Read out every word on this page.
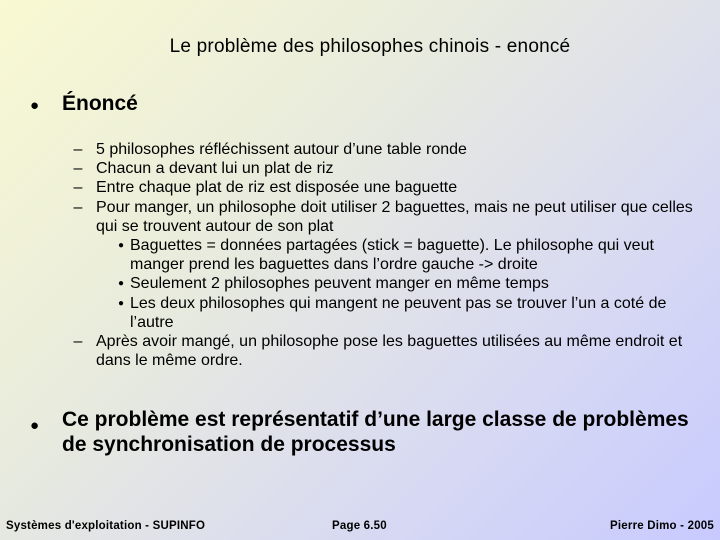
Le problème des philosophes chinois - enoncé
● Énoncé
– 5 philosophes réfléchissent autour d’une table ronde
– Chacun a devant lui un plat de riz
– Entre chaque plat de riz est disposée une baguette
– Pour manger, un philosophe doit utiliser 2 baguettes, mais ne peut utiliser que celles qui se trouvent autour de son plat
● Baguettes = données partagées (stick = baguette). Le philosophe qui veut manger prend les baguettes dans l’ordre gauche -> droite
● Seulement 2 philosophes peuvent manger en même temps
● Les deux philosophes qui mangent ne peuvent pas se trouver l’un a coté de l’autre
– Après avoir mangé, un philosophe pose les baguettes utilisées au même endroit et dans le même ordre.
● Ce problème est représentatif d’une large classe de problèmes de synchronisation de processus
Systèmes d'exploitation - SUPINFO	Page 6.50	Pierre Dimo - 2005
